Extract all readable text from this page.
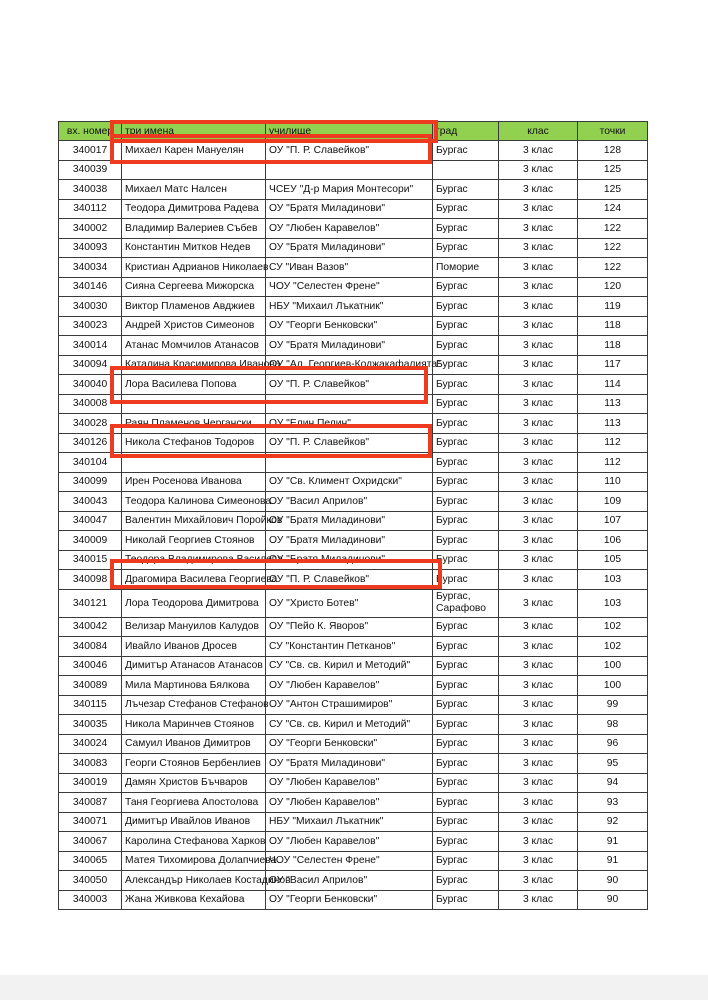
вх. номер	три имена	училище	град	клас	точки
340017	Михаел Карен Мануелян	ОУ "П. Р. Славейков"	Бургас	3 клас	128
340039				3 клас	125
340038	Михаел Матс Налсен	ЧСЕУ "Д-р Мария Монтесори"	Бургас	3 клас	125
340112	Теодора Димитрова Радева	ОУ "Братя Миладинови"	Бургас	3 клас	124
340002	Владимир Валериев Събев	ОУ "Любен Каравелов"	Бургас	3 клас	122
340093	Константин Митков Недев	ОУ "Братя Миладинови"	Бургас	3 клас	122
340034	Кристиан Адрианов Николаев	СУ "Иван Вазов"	Поморие	3 клас	122
340146	Сияна Сергеева Мижорска	ЧОУ "Селестен Френе"	Бургас	3 клас	120
340030	Виктор Пламенов Авджиев	НБУ "Михаил Лъкатник"	Бургас	3 клас	119
340023	Андрей Христов Симеонов	ОУ "Георги Бенковски"	Бургас	3 клас	118
340014	Атанас Момчилов Атанасов	ОУ "Братя Миладинови"	Бургас	3 клас	118
340094	Каталина Красимирова Иванова	ОУ "Ал. Георгиев-Коджакафалията"	Бургас	3 клас	117
340040	Лора Василева Попова	ОУ "П. Р. Славейков"	Бургас	3 клас	114
340008			Бургас	3 клас	113
340028	Раян Пламенов Чергански	ОУ "Елин Пелин"	Бургас	3 клас	113
340126	Никола Стефанов Тодоров	ОУ "П. Р. Славейков"	Бургас	3 клас	112
340104			Бургас	3 клас	112
340099	Ирен Росенова Иванова	ОУ "Св. Климент Охридски"	Бургас	3 клас	110
340043	Теодора Калинова Симеонова	ОУ "Васил Априлов"	Бургас	3 клас	109
340047	Валентин Михайлович Поройков	ОУ "Братя Миладинови"	Бургас	3 клас	107
340009	Николай Георгиев Стоянов	ОУ "Братя Миладинови"	Бургас	3 клас	106
340015	Теодора Владимирова Василева	ОУ "Братя Миладинови"	Бургас	3 клас	105
340098	Драгомира Василева Георгиева	ОУ "П. Р. Славейков"	Бургас	3 клас	103
340121	Лора Теодорова Димитрова	ОУ "Христо Ботев"	Бургас, Сарафово	3 клас	103
340042	Велизар Мануилов Калудов	ОУ "Пейо К. Яворов"	Бургас	3 клас	102
340084	Ивайло Иванов Дросев	СУ "Константин Петканов"	Бургас	3 клас	102
340046	Димитър Атанасов Атанасов	СУ "Св. св. Кирил и Методий"	Бургас	3 клас	100
340089	Мила Мартинова Бялкова	ОУ "Любен Каравелов"	Бургас	3 клас	100
340115	Лъчезар Стефанов Стефанов	ОУ "Антон Страшимиров"	Бургас	3 клас	99
340035	Никола Маринчев Стоянов	СУ "Св. св. Кирил и Методий"	Бургас	3 клас	98
340024	Самуил Иванов Димитров	ОУ "Георги Бенковски"	Бургас	3 клас	96
340083	Георги Стоянов Бербенлиев	ОУ "Братя Миладинови"	Бургас	3 клас	95
340019	Дамян Христов Бъчваров	ОУ "Любен Каравелов"	Бургас	3 клас	94
340087	Таня Георгиева Апостолова	ОУ "Любен Каравелов"	Бургас	3 клас	93
340071	Димитър Ивайлов Иванов	НБУ "Михаил Лъкатник"	Бургас	3 клас	92
340067	Каролина Стефанова Харков	ОУ "Любен Каравелов"	Бургас	3 клас	91
340065	Матея Тихомирова Долапчиева	ЧОУ "Селестен Френе"	Бургас	3 клас	91
340050	Александър Николаев Костадинов	ОУ "Васил Априлов"	Бургас	3 клас	90
340003	Жана Живкова Кехайова	ОУ "Георги Бенковски"	Бургас	3 клас	90
